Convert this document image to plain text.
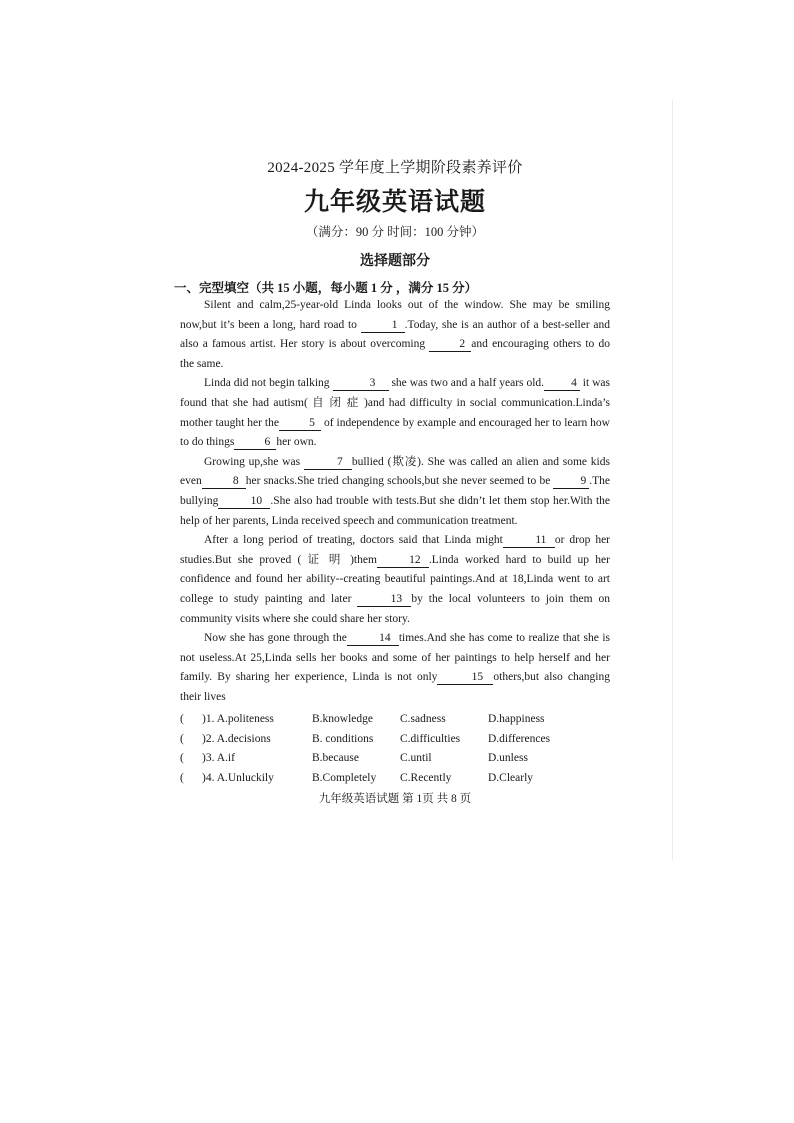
2024-2025 学年度上学期阶段素养评价
九年级英语试题
（满分：90 分 时间：100 分钟）
选择题部分
一、完型填空（共 15 小题，每小题 1 分 ，满分 15 分）

Silent and calm,25-year-old Linda looks out of the window. She may be smiling now,but it’s been a long, hard road to	1 .Today, she is an author of a best-seller and also a famous artist. Her story is about overcoming	2 and encouraging others to do the same.

Linda did not begin talking	3 she was two and a half years old. 4 it was found that she had autism( 自 闭 症 )and had difficulty in social communication.Linda’s mother taught her the	5 of independence by example and encouraged her to learn how to do things	6 her own.

Growing up,she was	7 bullied (欺凌). She was called an alien and some kids even	8 her snacks.She tried changing schools,but she never seemed to be 9 .The bullying	10 .She also had trouble with tests.But she didn’t let them stop her.With the help of her parents, Linda received speech and communication treatment.

After a long period of treating, doctors said that Linda might	11 or drop her studies.But she proved ( 证 明 )them	12 .Linda worked hard to build up her confidence and found her ability--creating beautiful paintings.And at 18,Linda went to art college to study painting and later	13 by the local volunteers to join them on community visits where she could share her story.

Now she has gone through the	14 times.And she has come to realize that she is not useless.At 25,Linda sells her books and some of her paintings to help herself and her family. By sharing her experience, Linda is not only	15 others,but also changing their lives

(	)1. A.politeness	B.knowledge	C.sadness	D.happiness
(	)2. A.decisions	B. conditions	C.difficulties	D.differences
(	)3. A.if	B.because	C.until	D.unless
(	)4. A.Unluckily	B.Completely	C.Recently	D.Clearly
九年级英语试题 第 1页 共 8 页
